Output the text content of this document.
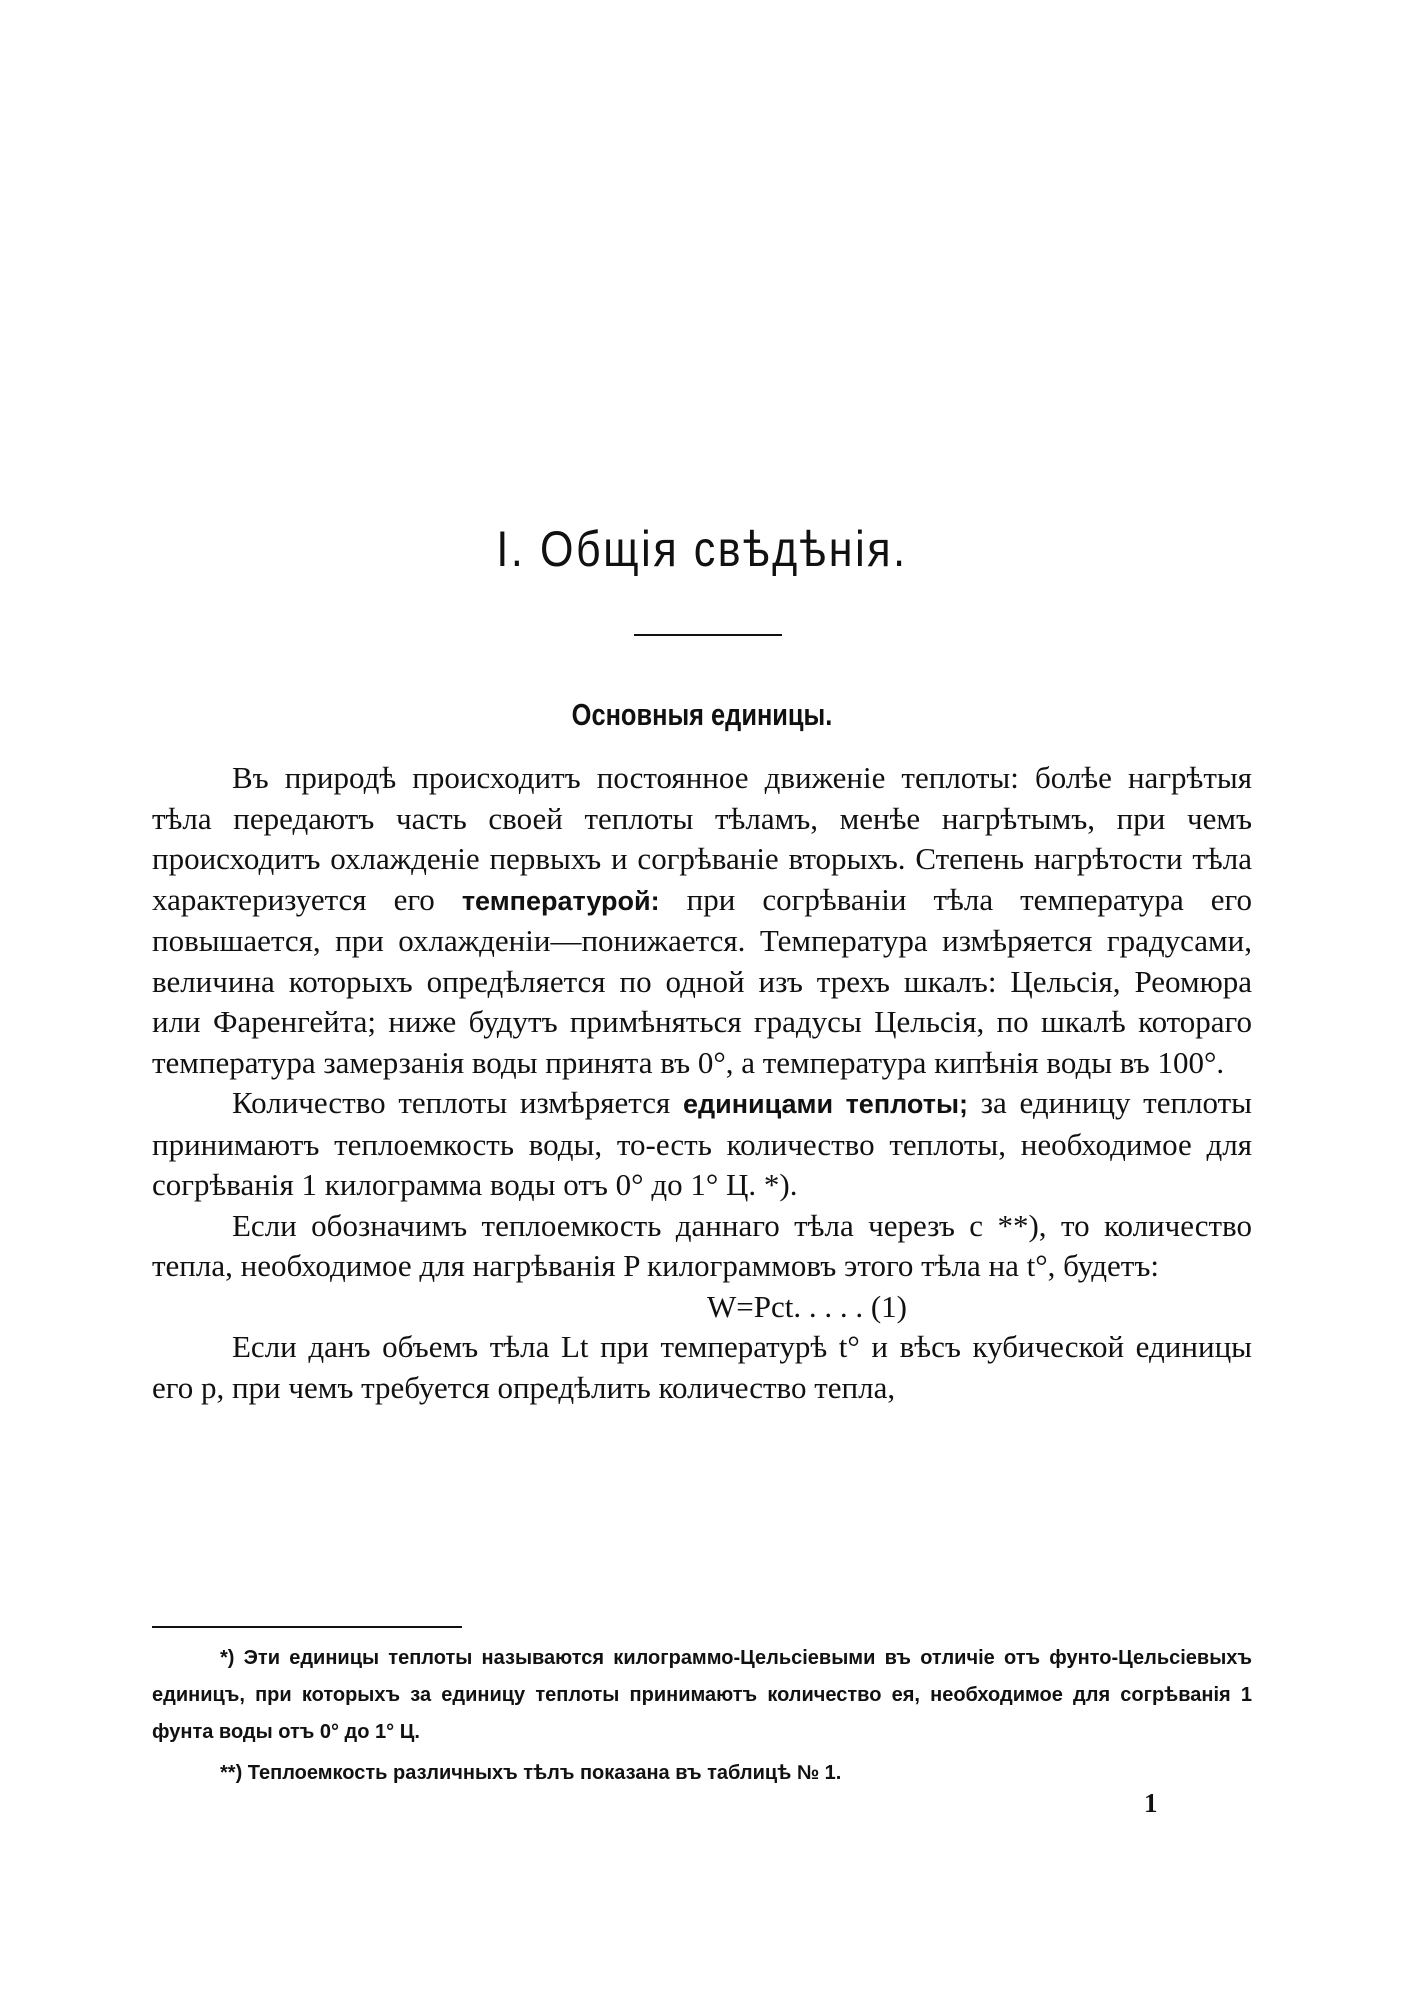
I. Общія свѣдѣнія.
Основныя единицы.

Въ природѣ происходитъ постоянное движеніе теплоты: болѣе нагрѣтыя тѣла передаютъ часть своей теплоты тѣламъ, менѣе нагрѣтымъ, при чемъ происходитъ охлажденіе первыхъ и согрѣваніе вторыхъ. Степень нагрѣтости тѣла характеризуется его температурой: при согрѣваніи тѣла температура его повышается, при охлажденіи—понижается. Температура измѣряется градусами, величина которыхъ опредѣляется по одной изъ трехъ шкалъ: Цельсія, Реомюра или Фаренгейта; ниже будутъ примѣняться градусы Цельсія, по шкалѣ котораго температура замерзанія воды принята въ 0°, а температура кипѣнія воды въ 100°.

Количество теплоты измѣряется единицами теплоты; за единицу теплоты принимаютъ теплоемкость воды, то-есть количество теплоты, необходимое для согрѣванія 1 килограмма воды отъ 0° до 1° Ц. *).

Если обозначимъ теплоемкость даннаго тѣла черезъ c **), то количество тепла, необходимое для нагрѣванія P килограммовъ этого тѣла на t°, будетъ:

W=Pct. . . . . (1)

Если данъ объемъ тѣла Lt при температурѣ t° и вѣсъ кубической единицы его p, при чемъ требуется опредѣлить количество тепла,

*) Эти единицы теплоты называются килограммо-Цельсіевыми въ отличіе отъ фунто-Цельсіевыхъ единицъ, при которыхъ за единицу теплоты принимаютъ количество ея, необходимое для согрѣванія 1 фунта воды отъ 0° до 1° Ц.

**) Теплоемкость различныхъ тѣлъ показана въ таблицѣ № 1.

1
